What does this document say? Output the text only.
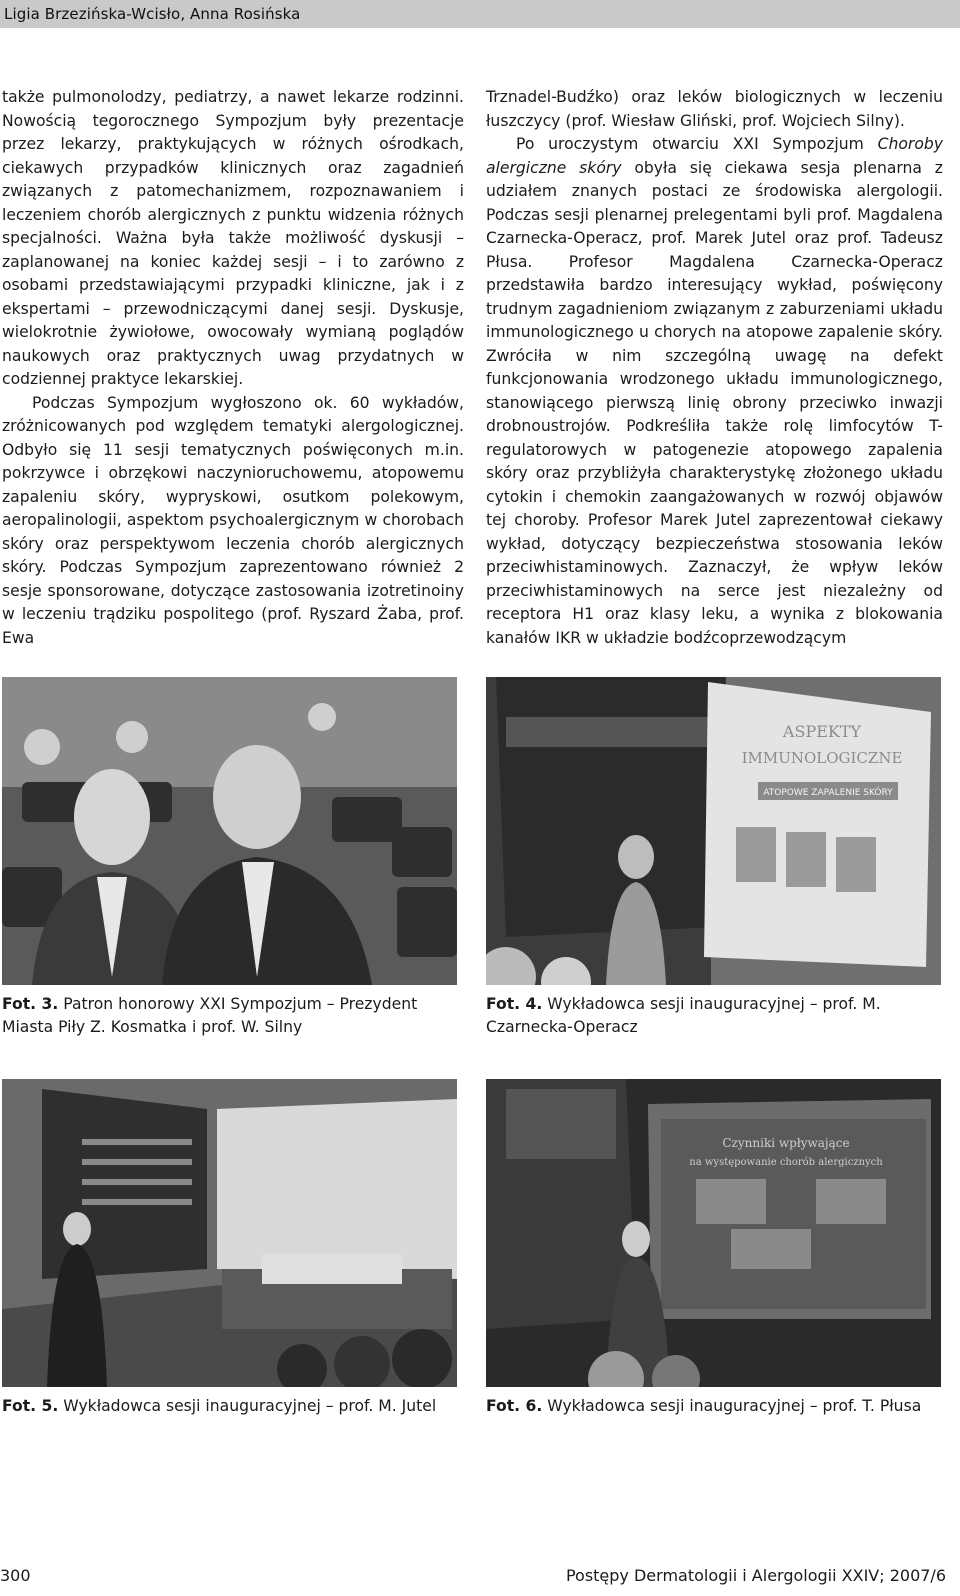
Ligia Brzezińska-Wcisło, Anna Rosińska

także pulmonolodzy, pediatrzy, a nawet lekarze rodzinni. Nowością tegorocznego Sympozjum były prezentacje przez lekarzy, praktykujących w różnych ośrodkach, ciekawych przypadków klinicznych oraz zagadnień związanych z patomechanizmem, rozpoznawaniem i leczeniem chorób alergicznych z punktu widzenia różnych specjalności. Ważna była także możliwość dyskusji – zaplanowanej na koniec każdej sesji – i to zarówno z osobami przedstawiającymi przypadki kliniczne, jak i z ekspertami – przewodniczącymi danej sesji. Dyskusje, wielokrotnie żywiołowe, owocowały wymianą poglądów naukowych oraz praktycznych uwag przydatnych w codziennej praktyce lekarskiej.

Podczas Sympozjum wygłoszono ok. 60 wykładów, zróżnicowanych pod względem tematyki alergologicznej. Odbyło się 11 sesji tematycznych poświęconych m.in. pokrzywce i obrzękowi naczynioruchowemu, atopowemu zapaleniu skóry, wypryskowi, osutkom polekowym, aeropalinologii, aspektom psychoalergicznym w chorobach skóry oraz perspektywom leczenia chorób alergicznych skóry. Podczas Sympozjum zaprezentowano również 2 sesje sponsorowane, dotyczące zastosowania izotretinoiny w leczeniu trądziku pospolitego (prof. Ryszard Żaba, prof. Ewa

Trznadel-Budźko) oraz leków biologicznych w leczeniu łuszczycy (prof. Wiesław Gliński, prof. Wojciech Silny).

Po uroczystym otwarciu XXI Sympozjum Choroby alergiczne skóry obyła się ciekawa sesja plenarna z udziałem znanych postaci ze środowiska alergologii. Podczas sesji plenarnej prelegentami byli prof. Magdalena Czarnecka-Operacz, prof. Marek Jutel oraz prof. Tadeusz Płusa. Profesor Magdalena Czarnecka-Operacz przedstawiła bardzo interesujący wykład, poświęcony trudnym zagadnieniom związanym z zaburzeniami układu immunologicznego u chorych na atopowe zapalenie skóry. Zwróciła w nim szczególną uwagę na defekt funkcjonowania wrodzonego układu immunologicznego, stanowiącego pierwszą linię obrony przeciwko inwazji drobnoustrojów. Podkreśliła także rolę limfocytów T-regulatorowych w patogenezie atopowego zapalenia skóry oraz przybliżyła charakterystykę złożonego układu cytokin i chemokin zaangażowanych w rozwój objawów tej choroby. Profesor Marek Jutel zaprezentował ciekawy wykład, dotyczący bezpieczeństwa stosowania leków przeciwhistaminowych. Zaznaczył, że wpływ leków przeciwhistaminowych na serce jest niezależny od receptora H1 oraz klasy leku, a wynika z blokowania kanałów IKR w układzie bodźcoprzewodzącym

ASPEKTY
IMMUNOLOGICZNE
ATOPOWE ZAPALENIE SKÓRY
Fot. 3. Patron honorowy XXI Sympozjum – Prezydent Miasta Piły Z. Kosmatka i prof. W. Silny
Fot. 4. Wykładowca sesji inauguracyjnej – prof. M. Czarnecka-Operacz
Czynniki wpływające
na występowanie chorób alergicznych
Fot. 5. Wykładowca sesji inauguracyjnej – prof. M. Jutel	Fot. 6. Wykładowca sesji inauguracyjnej – prof. T. Płusa
300	Postępy Dermatologii i Alergologii XXIV; 2007/6
